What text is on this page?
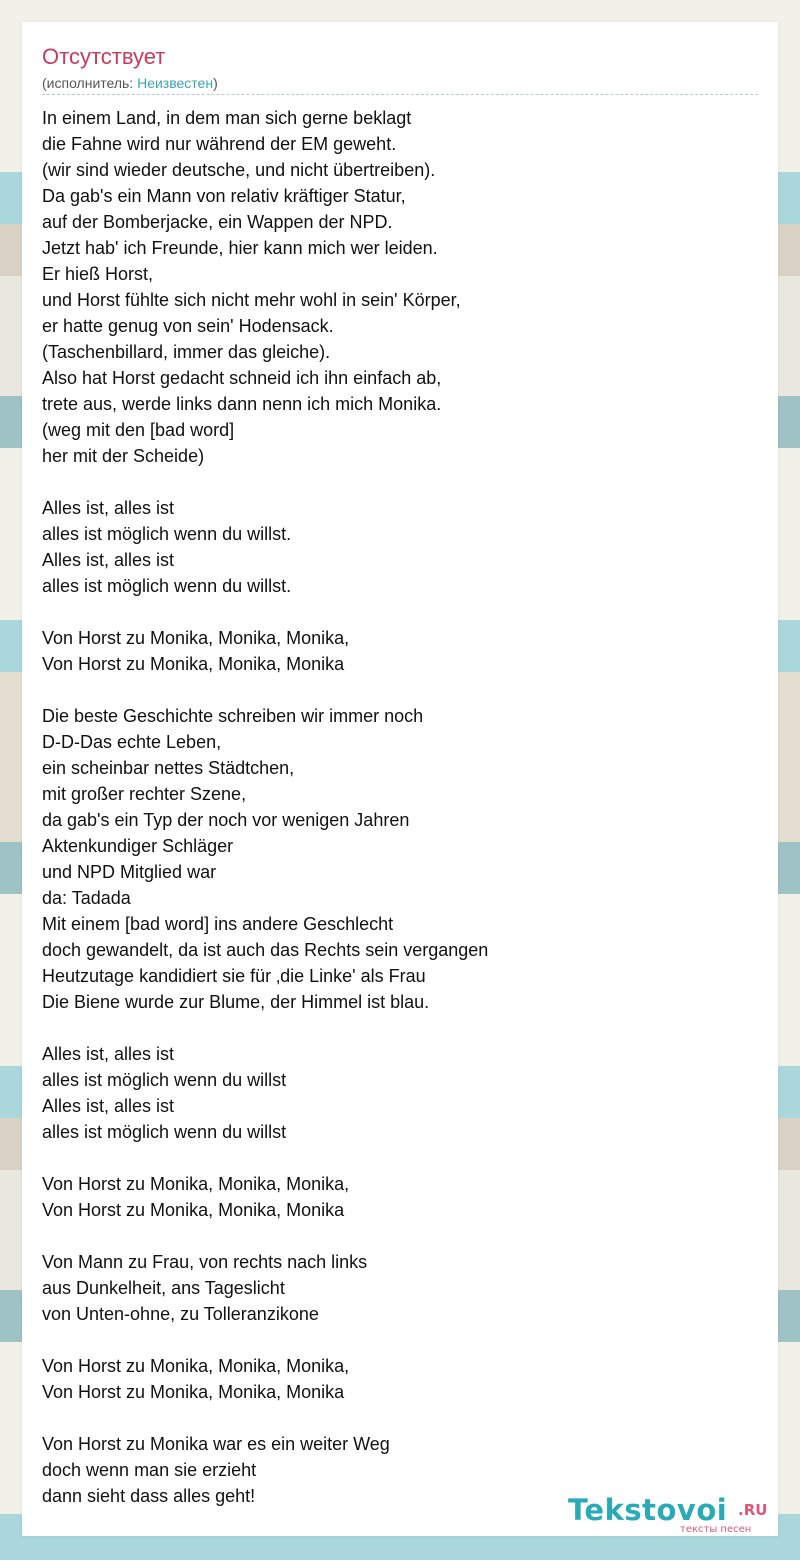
Отсутствует
(исполнитель: Неизвестен)
In einem Land, in dem man sich gerne beklagt
die Fahne wird nur während der EM geweht.
(wir sind wieder deutsche, und nicht übertreiben).
Da gab's ein Mann von relativ kräftiger Statur,
auf der Bomberjacke, ein Wappen der NPD.
Jetzt hab' ich Freunde, hier kann mich wer leiden.
Er hieß Horst,
und Horst fühlte sich nicht mehr wohl in sein' Körper,
er hatte genug von sein' Hodensack.
(Taschenbillard, immer das gleiche).
Also hat Horst gedacht schneid ich ihn einfach ab,
trete aus, werde links dann nenn ich mich Monika.
(weg mit den [bad word]
her mit der Scheide)

Alles ist, alles ist
alles ist möglich wenn du willst.
Alles ist, alles ist
alles ist möglich wenn du willst.

Von Horst zu Monika, Monika, Monika,
Von Horst zu Monika, Monika, Monika

Die beste Geschichte schreiben wir immer noch
D-D-Das echte Leben,
ein scheinbar nettes Städtchen,
mit großer rechter Szene,
da gab's ein Typ der noch vor wenigen Jahren
Aktenkundiger Schläger
und NPD Mitglied war
da: Tadada
Mit einem [bad word] ins andere Geschlecht
doch gewandelt, da ist auch das Rechts sein vergangen
Heutzutage kandidiert sie für ‚die Linke' als Frau
Die Biene wurde zur Blume, der Himmel ist blau.

Alles ist, alles ist
alles ist möglich wenn du willst
Alles ist, alles ist
alles ist möglich wenn du willst

Von Horst zu Monika, Monika, Monika,
Von Horst zu Monika, Monika, Monika

Von Mann zu Frau, von rechts nach links
aus Dunkelheit, ans Tageslicht
von Unten-ohne, zu Tolleranzikone

Von Horst zu Monika, Monika, Monika,
Von Horst zu Monika, Monika, Monika

Von Horst zu Monika war es ein weiter Weg
doch wenn man sie erzieht
dann sieht dass alles geht!	Tekstovoi .RU
тексты песен
